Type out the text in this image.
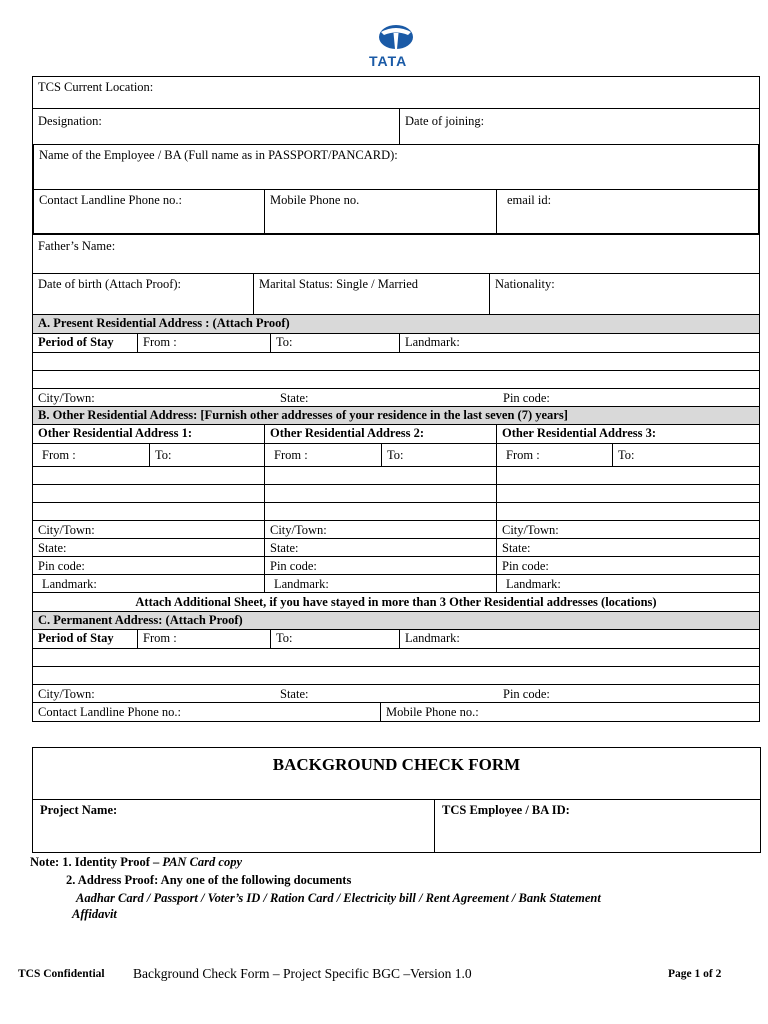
TATA
TCS Current Location:
Designation:	Date of joining:
Name of the Employee / BA (Full name as in PASSPORT/PANCARD):
Contact Landline Phone no.:	Mobile Phone no.	email id:
Father’s Name:
Date of birth (Attach Proof):	Marital Status: Single / Married	Nationality:
A. Present Residential Address : (Attach Proof)
Period of Stay	From :	To:	Landmark:
City/Town:	State:	Pin code:
B. Other Residential Address: [Furnish other addresses of your residence in the last seven (7) years]
Other Residential Address 1:	Other Residential Address 2:	Other Residential Address 3:
From :	To:	From :	To:	From :	To:
City/Town:	City/Town:	City/Town:
State:	State:	State:
Pin code:	Pin code:	Pin code:
Landmark:	Landmark:	Landmark:
Attach Additional Sheet, if you have stayed in more than 3 Other Residential addresses (locations)
C. Permanent Address: (Attach Proof)
Period of Stay	From :	To:	Landmark:
City/Town:	State:	Pin code:
Contact Landline Phone no.:	Mobile Phone no.:
BACKGROUND CHECK FORM
Project Name:	TCS Employee / BA ID:
Note: 1. Identity Proof – PAN Card copy
2. Address Proof: Any one of the following documents
Aadhar Card / Passport / Voter’s ID / Ration Card / Electricity bill / Rent Agreement / Bank Statement
Affidavit
TCS Confidential Background Check Form – Project Specific BGC –Version 1.0	Page 1 of 2
